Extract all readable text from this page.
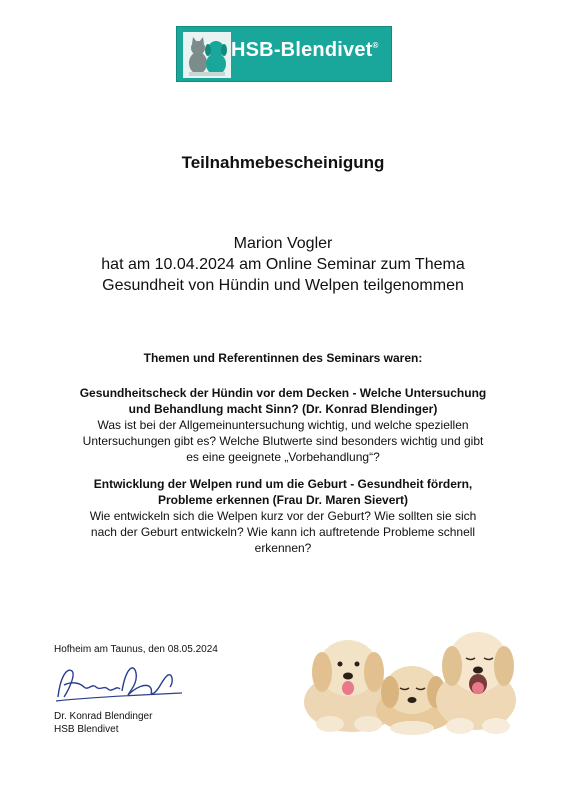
HSB-Blendivet®
Teilnahmebescheinigung
Marion Vogler
hat am 10.04.2024 am Online Seminar zum Thema
Gesundheit von Hündin und Welpen teilgenommen
Themen und Referentinnen des Seminars waren:
Gesundheitscheck der Hündin vor dem Decken - Welche Untersuchung
und Behandlung macht Sinn? (Dr. Konrad Blendinger)
Was ist bei der Allgemeinuntersuchung wichtig, und welche speziellen
Untersuchungen gibt es? Welche Blutwerte sind besonders wichtig und gibt
es eine geeignete „Vorbehandlung“?
Entwicklung der Welpen rund um die Geburt - Gesundheit fördern,
Probleme erkennen (Frau Dr. Maren Sievert)
Wie entwickeln sich die Welpen kurz vor der Geburt? Wie sollten sie sich
nach der Geburt entwickeln? Wie kann ich auftretende Probleme schnell
erkennen?
Hofheim am Taunus, den 08.05.2024
Dr. Konrad Blendinger
HSB Blendivet
